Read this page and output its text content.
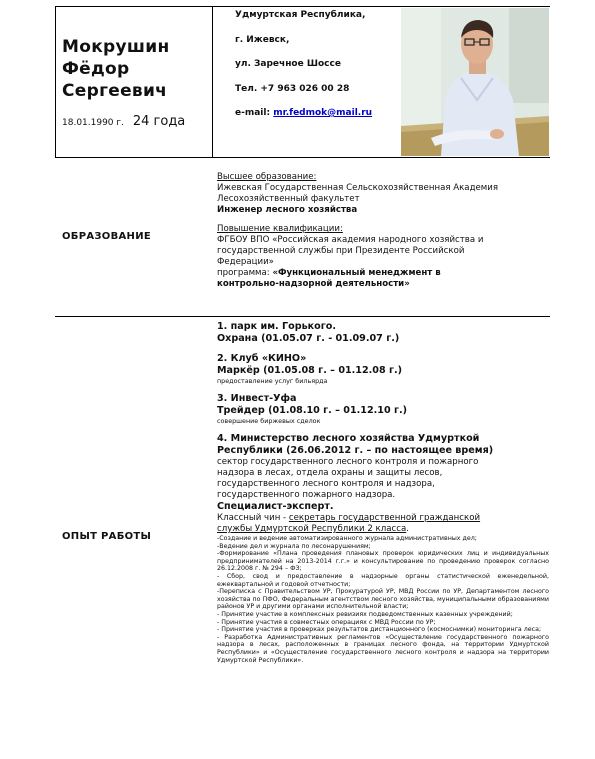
Мокрушин
Фёдор
Сергеевич
18.01.1990 г. 24 года
Удмуртская Республика,
г. Ижевск,
ул. Заречное Шоссе
Тел. +7 963 026 00 28
e-mail: mr.fedmok@mail.ru
ОБРАЗОВАНИЕ
Высшее образование:
Ижевская Государственная Сельскохозяйственная Академия
Лесохозяйственный факультет
Инженер лесного хозяйства
Повышение квалификации:
ФГБОУ ВПО «Российская академия народного хозяйства и
государственной службы при Президенте Российской
Федерации»
программа: «Функциональный менеджмент в
контрольно-надзорной деятельности»
ОПЫТ РАБОТЫ
1. парк им. Горького.
Охрана (01.05.07 г. - 01.09.07 г.)
2. Клуб «КИНО»
Маркёр (01.05.08 г. – 01.12.08 г.)
предоставление услуг бильярда
3. Инвест-Уфа
Трейдер (01.08.10 г. – 01.12.10 г.)
совершение биржевых сделок
4. Министерство лесного хозяйства Удмурткой
Республики (26.06.2012 г. – по настоящее время)
сектор государственного лесного контроля и пожарного
надзора в лесах, отдела охраны и защиты лесов,
государственного лесного контроля и надзора,
государственного пожарного надзора.
Специалист-эксперт.
Классный чин - секретарь государственной гражданской
службы Удмуртской Республики 2 класса.
-Создание и ведение автоматизированного журнала административных дел;
-Ведение дел и журнала по лесонарушениям;
-Формирование «Плана проведения плановых проверок юридических лиц и индивидуальных предпринимателей на 2013-2014 г.г.» и консультирование по проведению проверок согласно 26.12.2008 г. № 294 – ФЗ;
- Сбор, свод и предоставление в надзорные органы статистической еженедельной, ежеквартальной и годовой отчетности;
-Переписка с Правительством УР, Прокуратурой УР, МВД России по УР, Департаментом лесного хозяйства по ПФО, Федеральным агентством лесного хозяйства, муниципальными образованиями районов УР и другими органами исполнительной власти;
- Принятие участие в комплексных ревизиях подведомственных казенных учреждений;
- Принятие участия в совместных операциях с МВД России по УР;
- Принятие участия в проверках результатов дистанционного (космоснимки) мониторинга леса;
- Разработка Административных регламентов «Осуществление государственного пожарного надзора в лесах, расположенных в границах лесного фонда, на территории Удмуртской Республики» и «Осуществление государственного лесного контроля и надзора на территории Удмуртской Республики».
